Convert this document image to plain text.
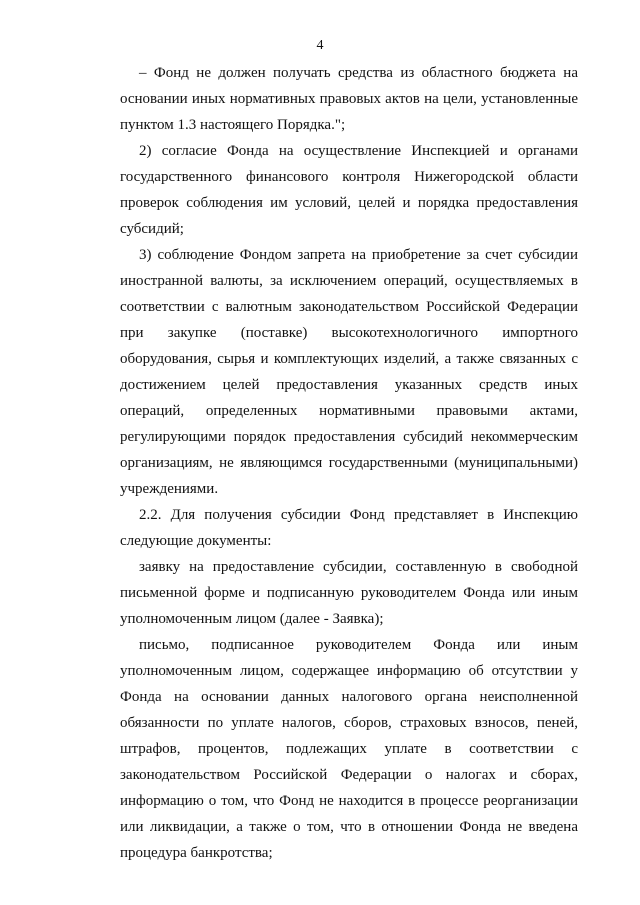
4

– Фонд не должен получать средства из областного бюджета на основании иных нормативных правовых актов на цели, установленные пунктом 1.3 настоящего Порядка.";

2) согласие Фонда на осуществление Инспекцией и органами государственного финансового контроля Нижегородской области проверок соблюдения им условий, целей и порядка предоставления субсидий;

3) соблюдение Фондом запрета на приобретение за счет субсидии иностранной валюты, за исключением операций, осуществляемых в соответствии с валютным законодательством Российской Федерации при закупке (поставке) высокотехнологичного импортного оборудования, сырья и комплектующих изделий, а также связанных с достижением целей предоставления указанных средств иных операций, определенных нормативными правовыми актами, регулирующими порядок предоставления субсидий некоммерческим организациям, не являющимся государственными (муниципальными) учреждениями.

2.2. Для получения субсидии Фонд представляет в Инспекцию следующие документы:

заявку на предоставление субсидии, составленную в свободной письменной форме и подписанную руководителем Фонда или иным уполномоченным лицом (далее - Заявка);

письмо, подписанное руководителем Фонда или иным уполномоченным лицом, содержащее информацию об отсутствии у Фонда на основании данных налогового органа неисполненной обязанности по уплате налогов, сборов, страховых взносов, пеней, штрафов, процентов, подлежащих уплате в соответствии с законодательством Российской Федерации о налогах и сборах, информацию о том, что Фонд не находится в процессе реорганизации или ликвидации, а также о том, что в отношении Фонда не введена процедура банкротства;
